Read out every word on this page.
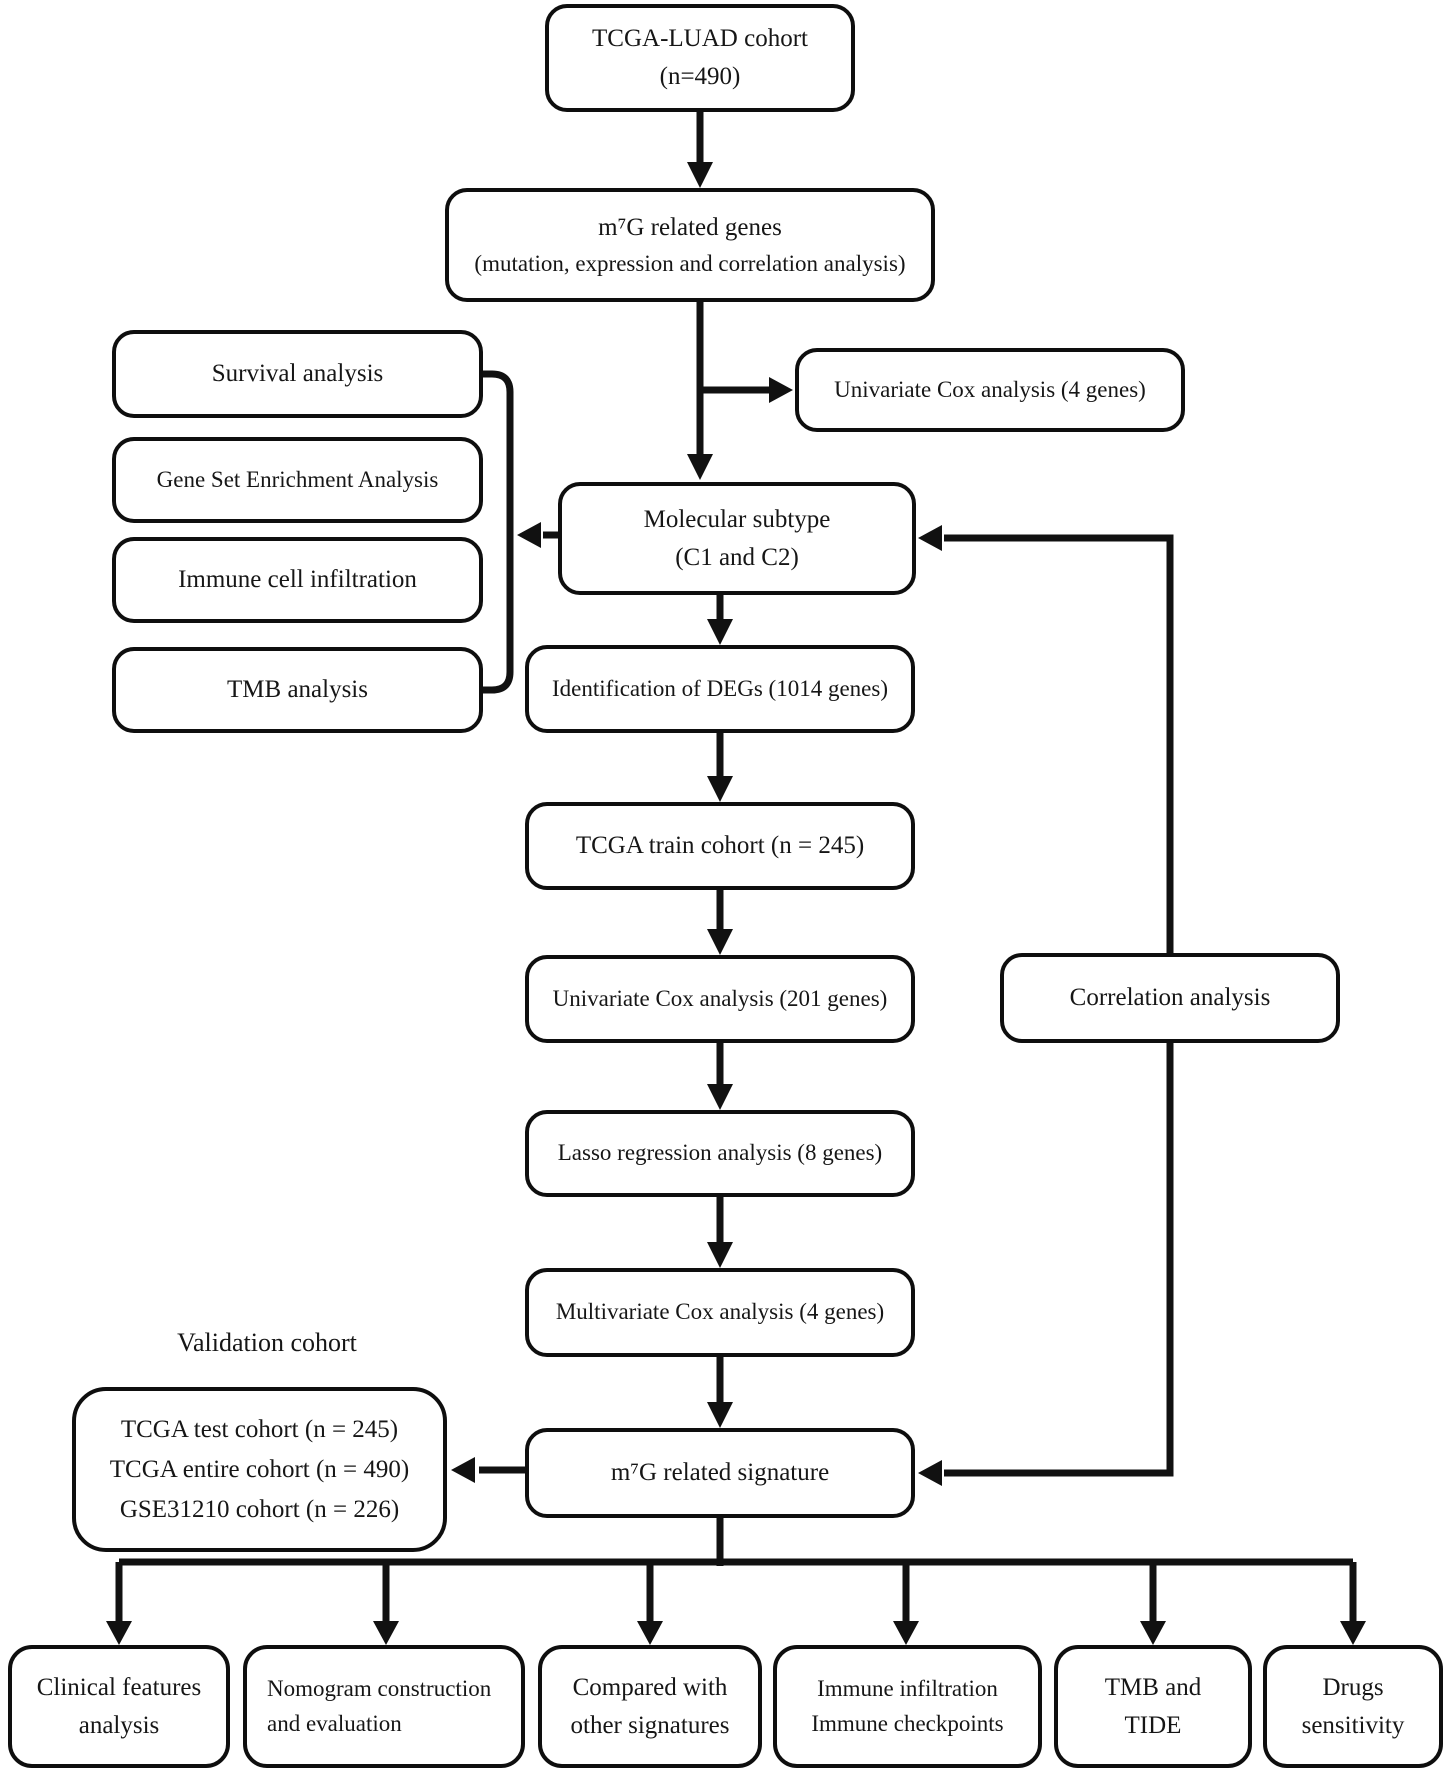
TCGA-LUAD cohort
(n=490)
m⁷G related genes
(mutation, expression and correlation analysis)
Univariate Cox analysis (4 genes)
Survival analysis
Gene Set Enrichment Analysis
Immune cell infiltration
TMB analysis
Molecular subtype
(C1 and C2)
Identification of DEGs (1014 genes)
TCGA train cohort (n = 245)
Univariate Cox analysis (201 genes)	Correlation analysis
Lasso regression analysis (8 genes)
Multivariate Cox analysis (4 genes)
Validation cohort
TCGA test cohort (n = 245)
TCGA entire cohort (n = 490)
GSE31210 cohort (n = 226)
m⁷G related signature
Clinical features
analysis
Nomogram construction
and evaluation
Compared with
other signatures
Immune infiltration
Immune checkpoints
TMB and
TIDE
Drugs
sensitivity
